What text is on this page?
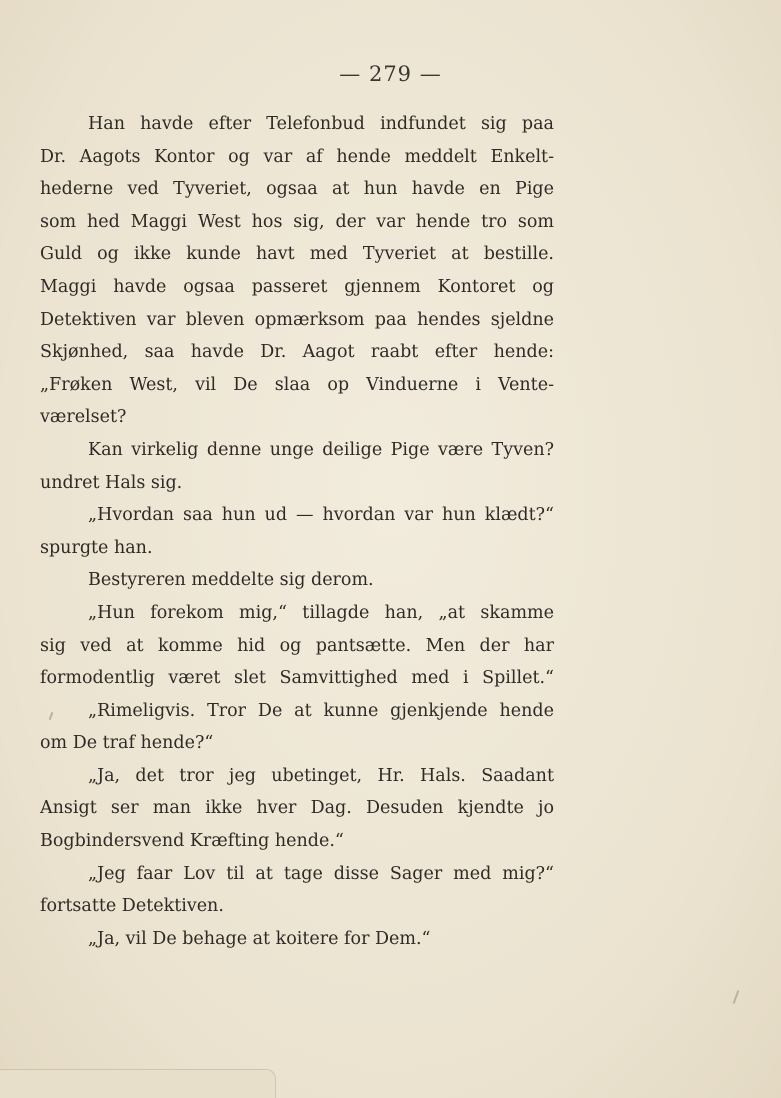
— 279 —
Han havde efter Telefonbud indfundet sig paa
Dr. Aagots Kontor og var af hende meddelt Enkelt-
hederne ved Tyveriet, ogsaa at hun havde en Pige
som hed Maggi West hos sig, der var hende tro som
Guld og ikke kunde havt med Tyveriet at bestille.
Maggi havde ogsaa passeret gjennem Kontoret og
Detektiven var bleven opmærksom paa hendes sjeldne
Skjønhed, saa havde Dr. Aagot raabt efter hende:
„Frøken West, vil De slaa op Vinduerne i Vente-
værelset?
Kan virkelig denne unge deilige Pige være Tyven?
undret Hals sig.
„Hvordan saa hun ud — hvordan var hun klædt?“
spurgte han.
Bestyreren meddelte sig derom.
„Hun forekom mig,“ tillagde han, „at skamme
sig ved at komme hid og pantsætte. Men der har
formodentlig været slet Samvittighed med i Spillet.“
„Rimeligvis. Tror De at kunne gjenkjende hende
om De traf hende?“
„Ja, det tror jeg ubetinget, Hr. Hals. Saadant
Ansigt ser man ikke hver Dag. Desuden kjendte jo
Bogbindersvend Kræfting hende.“
„Jeg faar Lov til at tage disse Sager med mig?“
fortsatte Detektiven.
„Ja, vil De behage at koitere for Dem.“
